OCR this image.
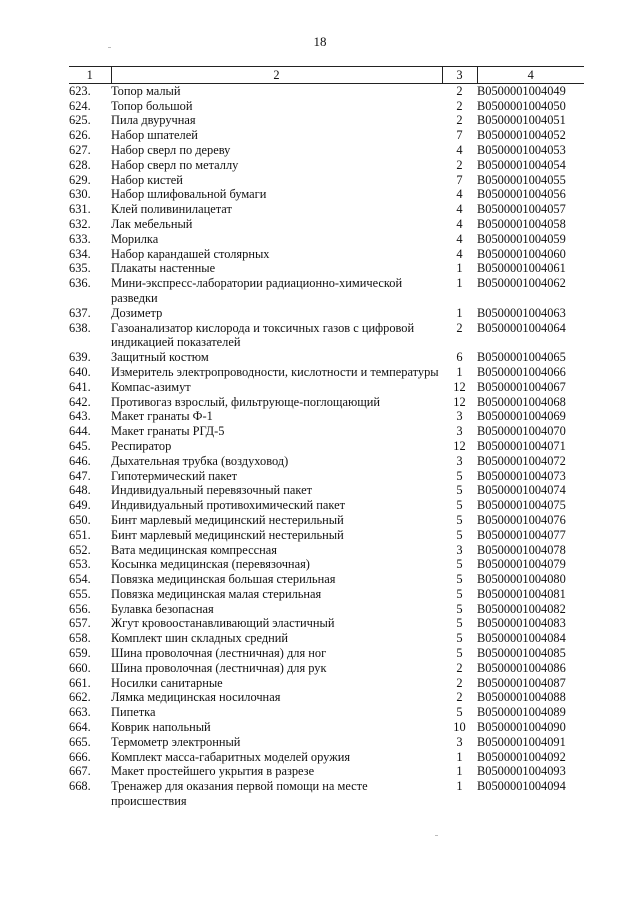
18
1	2	3	4
623.	Топор малый	2	B0500001004049
624.	Топор большой	2	B0500001004050
625.	Пила двуручная	2	B0500001004051
626.	Набор шпателей	7	B0500001004052
627.	Набор сверл по дереву	4	B0500001004053
628.	Набор сверл по металлу	2	B0500001004054
629.	Набор кистей	7	B0500001004055
630.	Набор шлифовальной бумаги	4	B0500001004056
631.	Клей поливинилацетат	4	B0500001004057
632.	Лак мебельный	4	B0500001004058
633.	Морилка	4	B0500001004059
634.	Набор карандашей столярных	4	B0500001004060
635.	Плакаты настенные	1	B0500001004061
636.	Мини-экспресс-лаборатории радиационно-химической разведки	1	B0500001004062
637.	Дозиметр	1	B0500001004063
638.	Газоанализатор кислорода и токсичных газов с цифровой индикацией показателей	2	B0500001004064
639.	Защитный костюм	6	B0500001004065
640.	Измеритель электропроводности, кислотности и температуры	1	B0500001004066
641.	Компас-азимут	12	B0500001004067
642.	Противогаз взрослый, фильтрующе-поглощающий	12	B0500001004068
643.	Макет гранаты Ф-1	3	B0500001004069
644.	Макет гранаты РГД-5	3	B0500001004070
645.	Респиратор	12	B0500001004071
646.	Дыхательная трубка (воздуховод)	3	B0500001004072
647.	Гипотермический пакет	5	B0500001004073
648.	Индивидуальный перевязочный пакет	5	B0500001004074
649.	Индивидуальный противохимический пакет	5	B0500001004075
650.	Бинт марлевый медицинский нестерильный	5	B0500001004076
651.	Бинт марлевый медицинский нестерильный	5	B0500001004077
652.	Вата медицинская компрессная	3	B0500001004078
653.	Косынка медицинская (перевязочная)	5	B0500001004079
654.	Повязка медицинская большая стерильная	5	B0500001004080
655.	Повязка медицинская малая стерильная	5	B0500001004081
656.	Булавка безопасная	5	B0500001004082
657.	Жгут кровоостанавливающий эластичный	5	B0500001004083
658.	Комплект шин складных средний	5	B0500001004084
659.	Шина проволочная (лестничная) для ног	5	B0500001004085
660.	Шина проволочная (лестничная) для рук	2	B0500001004086
661.	Носилки санитарные	2	B0500001004087
662.	Лямка медицинская носилочная	2	B0500001004088
663.	Пипетка	5	B0500001004089
664.	Коврик напольный	10	B0500001004090
665.	Термометр электронный	3	B0500001004091
666.	Комплект масса-габаритных моделей оружия	1	B0500001004092
667.	Макет простейшего укрытия в разрезе	1	B0500001004093
668.	Тренажер для оказания первой помощи на месте происшествия	1	B0500001004094
